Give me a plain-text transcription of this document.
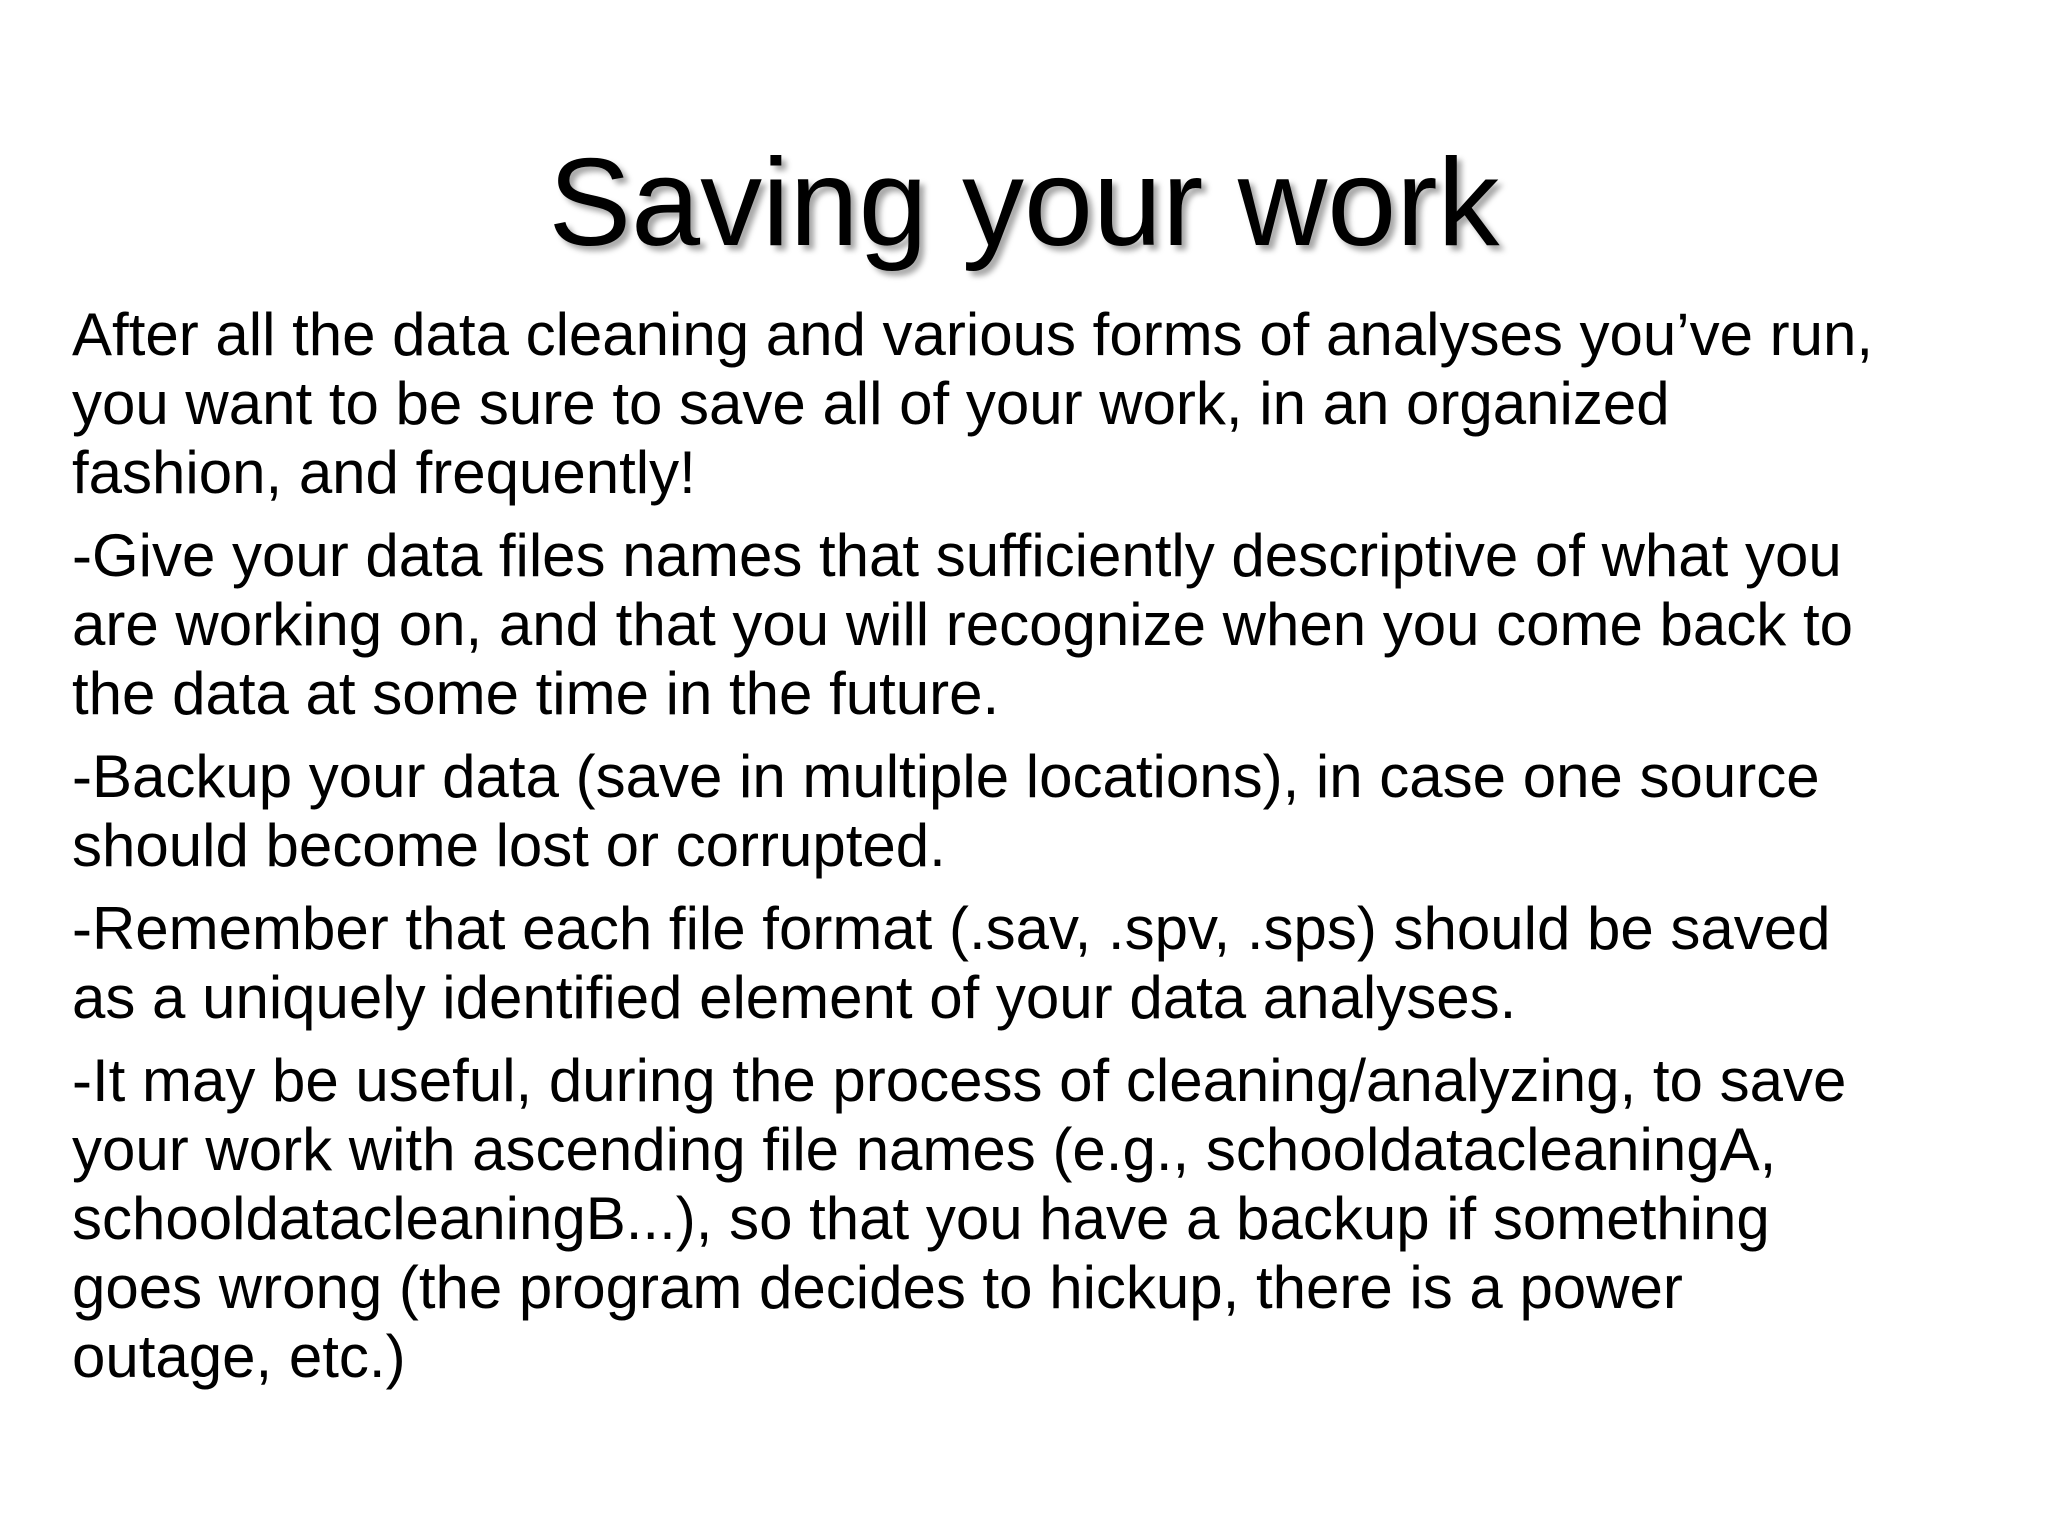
Saving your work

After all the data cleaning and various forms of analyses you’ve run,
you want to be sure to save all of your work, in an organized
fashion, and frequently!

-Give your data files names that sufficiently descriptive of what you
are working on, and that you will recognize when you come back to
the data at some time in the future.

-Backup your data (save in multiple locations), in case one source
should become lost or corrupted.

-Remember that each file format (.sav, .spv, .sps) should be saved
as a uniquely identified element of your data analyses.

-It may be useful, during the process of cleaning/analyzing, to save
your work with ascending file names (e.g., schooldatacleaningA,
schooldatacleaningB...), so that you have a backup if something
goes wrong (the program decides to hickup, there is a power
outage, etc.)
